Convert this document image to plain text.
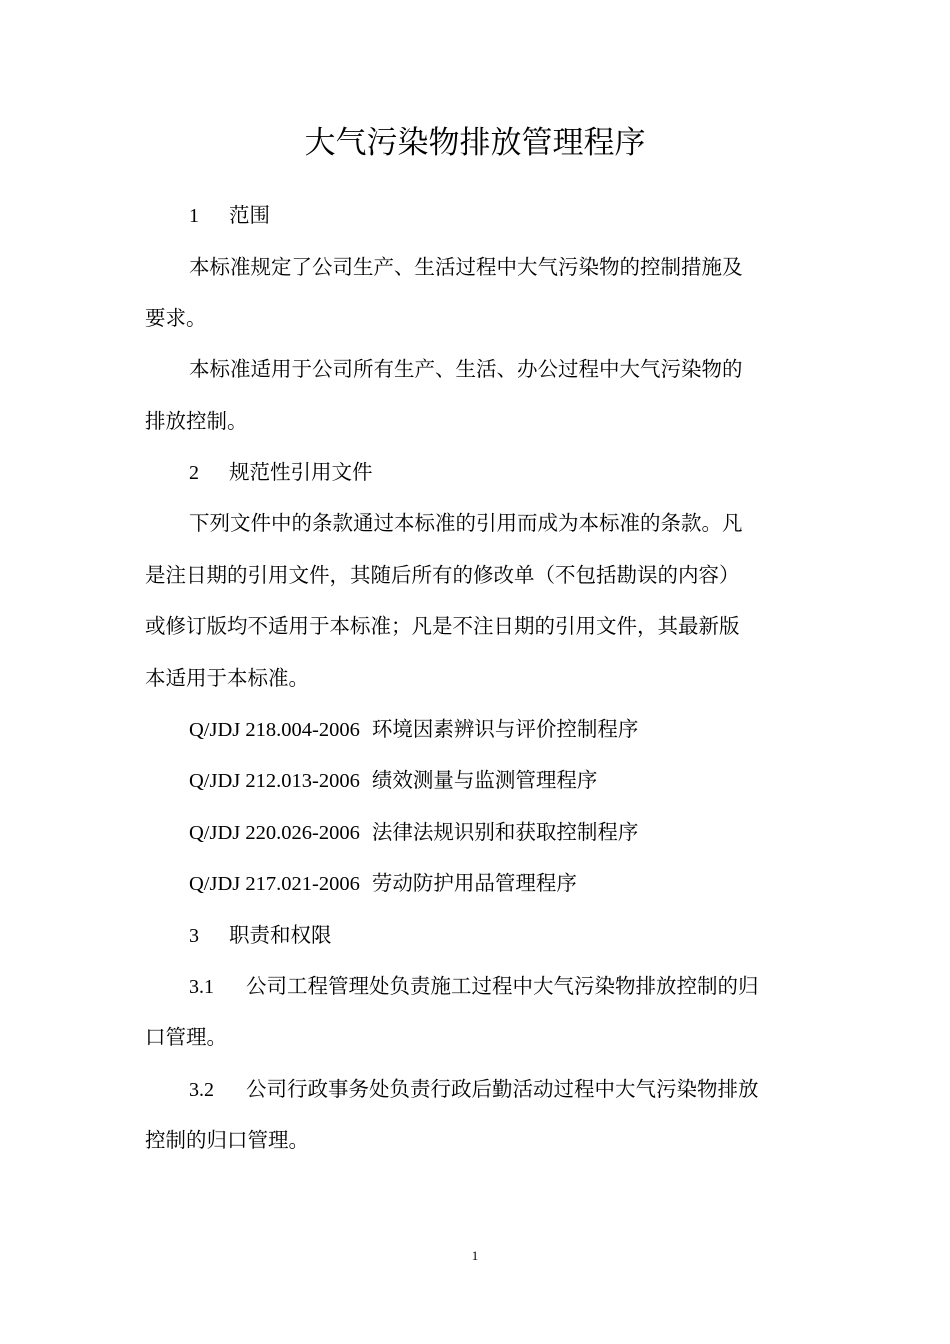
大气污染物排放管理程序
1 范围
本标准规定了公司生产、生活过程中大气污染物的控制措施及
要求。
本标准适用于公司所有生产、生活、办公过程中大气污染物的
排放控制。
2 规范性引用文件
下列文件中的条款通过本标准的引用而成为本标准的条款。凡
是注日期的引用文件，其随后所有的修改单（不包括勘误的内容）
或修订版均不适用于本标准；凡是不注日期的引用文件，其最新版
本适用于本标准。
Q/JDJ 218.004-2006 环境因素辨识与评价控制程序
Q/JDJ 212.013-2006 绩效测量与监测管理程序
Q/JDJ 220.026-2006 法律法规识别和获取控制程序
Q/JDJ 217.021-2006 劳动防护用品管理程序
3 职责和权限
3.1 公司工程管理处负责施工过程中大气污染物排放控制的归
口管理。
3.2 公司行政事务处负责行政后勤活动过程中大气污染物排放
控制的归口管理。
1
